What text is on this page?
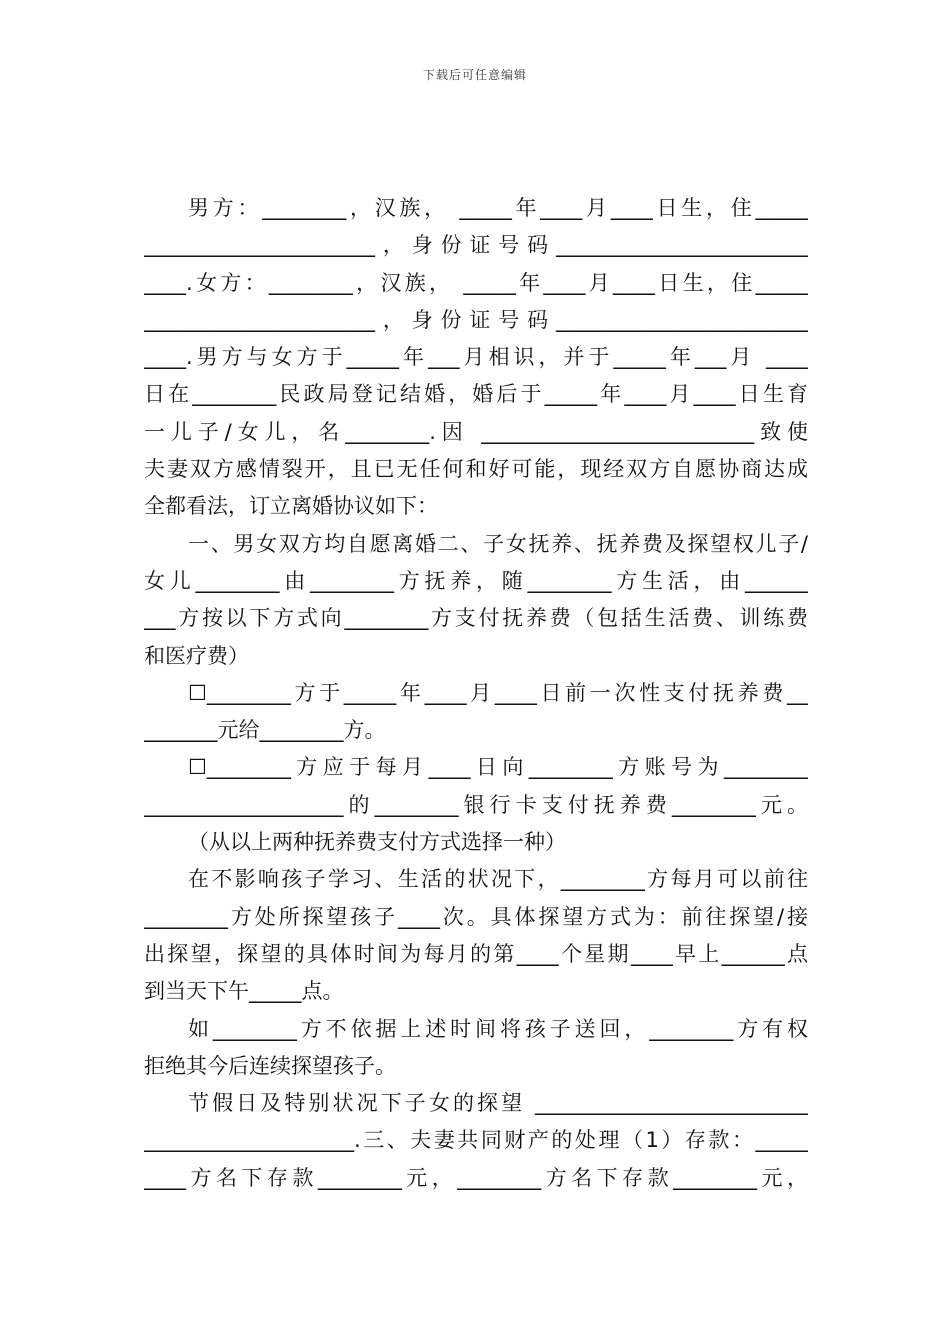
下载后可任意编辑
男方：________，汉族， _____年____月____日生，住_____
______________________，身份证号码________________________
____.女方：________，汉族， _____年____月____日生，住_____
______________________，身份证号码________________________
____.男方与女方于_____年___月相识，并于_____年___月 ____
日在________民政局登记结婚，婚后于_____年____月____日生育
一儿子/女儿，名________.因 __________________________致使
夫妻双方感情裂开，且已无任何和好可能，现经双方自愿协商达成
全都看法，订立离婚协议如下：
一、男女双方均自愿离婚二、子女抚养、抚养费及探望权儿子/
女儿________由________方抚养，随________方生活，由______
___方按以下方式向________方支付抚养费（包括生活费、训练费
和医疗费）
☐________方于_____年____月____日前一次性支付抚养费__
_______元给________方。
☐________方应于每月____日向________方账号为________
___________________的________银行卡支付抚养费________元。
（从以上两种抚养费支付方式选择一种）
在不影响孩子学习、生活的状况下，________方每月可以前往
________方处所探望孩子____次。具体探望方式为：前往探望/接
出探望，探望的具体时间为每月的第____个星期____早上______点
到当天下午_____点。
如________方不依据上述时间将孩子送回，________方有权
拒绝其今后连续探望孩子。
节假日及特别状况下子女的探望 __________________________
____________________.三、夫妻共同财产的处理（1）存款：_____
____方名下存款________元，________方名下存款________元，
